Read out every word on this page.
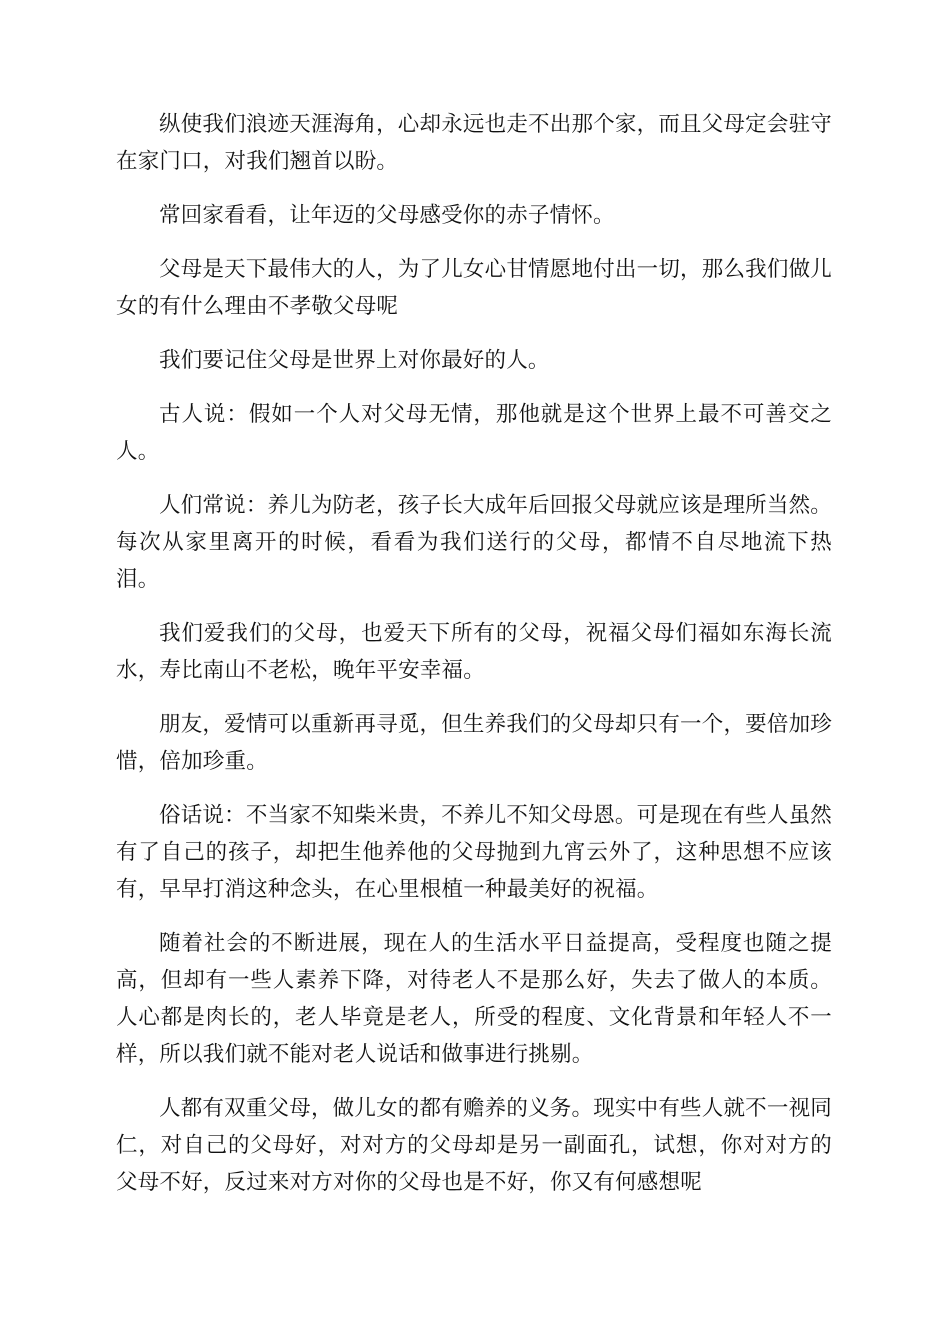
纵使我们浪迹天涯海角，心却永远也走不出那个家，而且父母定会驻守在家门口，对我们翘首以盼。

常回家看看，让年迈的父母感受你的赤子情怀。

父母是天下最伟大的人，为了儿女心甘情愿地付出一切，那么我们做儿女的有什么理由不孝敬父母呢

我们要记住父母是世界上对你最好的人。

古人说：假如一个人对父母无情，那他就是这个世界上最不可善交之人。

人们常说：养儿为防老，孩子长大成年后回报父母就应该是理所当然。每次从家里离开的时候，看看为我们送行的父母，都情不自尽地流下热泪。

我们爱我们的父母，也爱天下所有的父母，祝福父母们福如东海长流水，寿比南山不老松，晚年平安幸福。

朋友，爱情可以重新再寻觅，但生养我们的父母却只有一个，要倍加珍惜，倍加珍重。

俗话说：不当家不知柴米贵，不养儿不知父母恩。可是现在有些人虽然有了自己的孩子，却把生他养他的父母抛到九宵云外了，这种思想不应该有，早早打消这种念头，在心里根植一种最美好的祝福。

随着社会的不断进展，现在人的生活水平日益提高，受程度也随之提高，但却有一些人素养下降，对待老人不是那么好，失去了做人的本质。人心都是肉长的，老人毕竟是老人，所受的程度、文化背景和年轻人不一样，所以我们就不能对老人说话和做事进行挑剔。

人都有双重父母，做儿女的都有赡养的义务。现实中有些人就不一视同仁，对自己的父母好，对对方的父母却是另一副面孔，试想，你对对方的父母不好，反过来对方对你的父母也是不好，你又有何感想呢
